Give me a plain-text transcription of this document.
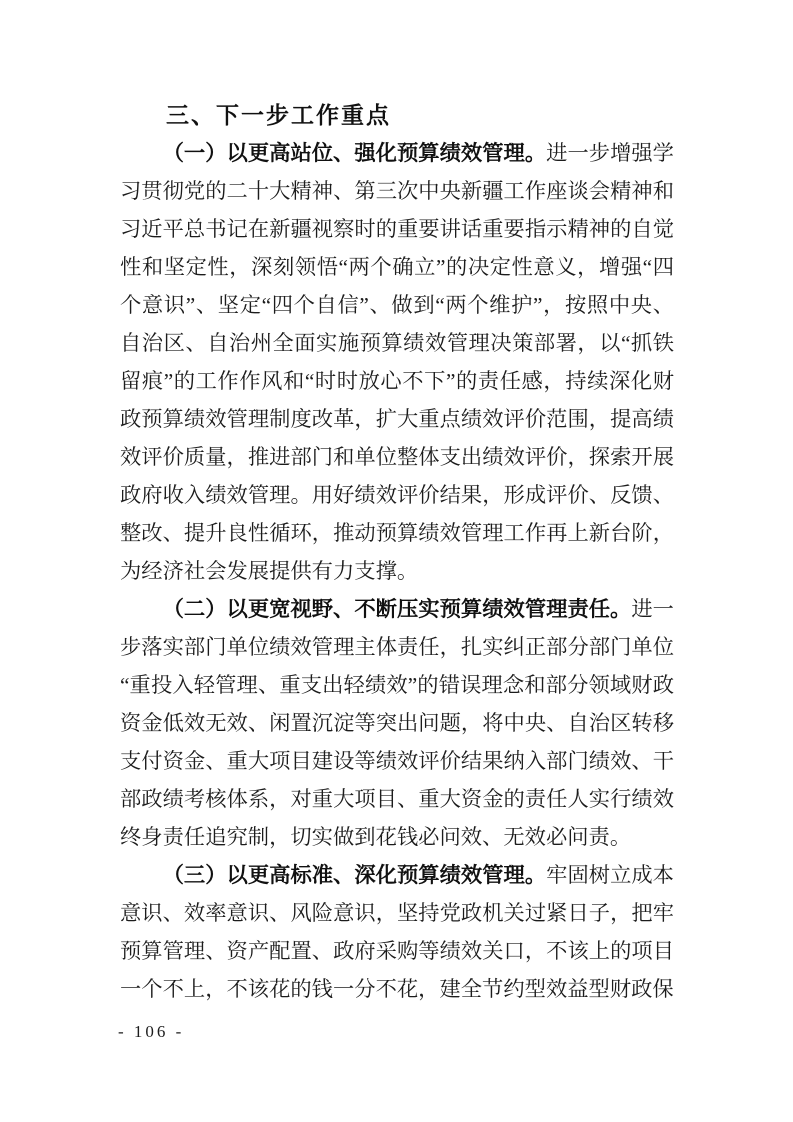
三、下一步工作重点

（一）以更高站位、强化预算绩效管理。进一步增强学习贯彻党的二十大精神、第三次中央新疆工作座谈会精神和习近平总书记在新疆视察时的重要讲话重要指示精神的自觉性和坚定性，深刻领悟“两个确立”的决定性意义，增强“四个意识”、坚定“四个自信”、做到“两个维护”，按照中央、自治区、自治州全面实施预算绩效管理决策部署，以“抓铁留痕”的工作作风和“时时放心不下”的责任感，持续深化财政预算绩效管理制度改革，扩大重点绩效评价范围，提高绩效评价质量，推进部门和单位整体支出绩效评价，探索开展政府收入绩效管理。用好绩效评价结果，形成评价、反馈、整改、提升良性循环，推动预算绩效管理工作再上新台阶，为经济社会发展提供有力支撑。

（二）以更宽视野、不断压实预算绩效管理责任。进一步落实部门单位绩效管理主体责任，扎实纠正部分部门单位“重投入轻管理、重支出轻绩效”的错误理念和部分领域财政资金低效无效、闲置沉淀等突出问题，将中央、自治区转移支付资金、重大项目建设等绩效评价结果纳入部门绩效、干部政绩考核体系，对重大项目、重大资金的责任人实行绩效终身责任追究制，切实做到花钱必问效、无效必问责。

（三）以更高标准、深化预算绩效管理。牢固树立成本意识、效率意识、风险意识，坚持党政机关过紧日子，把牢预算管理、资产配置、政府采购等绩效关口，不该上的项目一个不上，不该花的钱一分不花，建全节约型效益型财政保

- 106 -
